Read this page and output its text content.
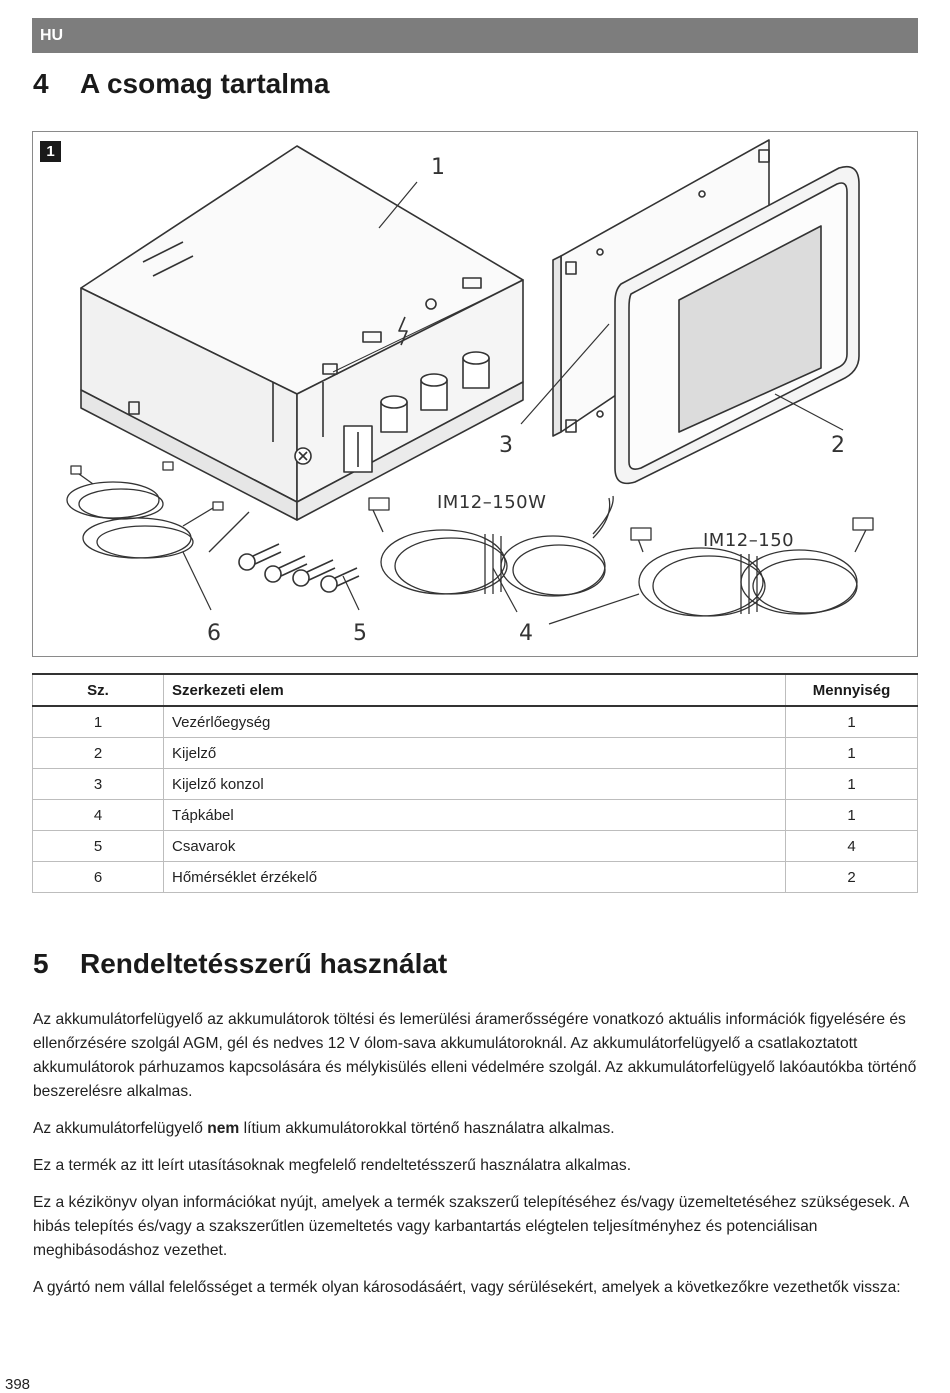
HU
4 A csomag tartalma
1
1
2
3
4
5
6
IM12–150W
IM12–150
Sz.	Szerkezeti elem	Mennyiség
1	Vezérlőegység	1
2	Kijelző	1
3	Kijelző konzol	1
4	Tápkábel	1
5	Csavarok	4
6	Hőmérséklet érzékelő	2
5 Rendeltetésszerű használat

Az akkumulátorfelügyelő az akkumulátorok töltési és lemerülési áramerősségére vonatkozó aktuális információk figyelésére és ellenőrzésére szolgál AGM, gél és nedves 12 V ólom-sava akkumulátoroknál. Az akkumulátorfelügyelő a csatlakoztatott akkumulátorok párhuzamos kapcsolására és mélykisülés elleni védelmére szolgál. Az akkumulátorfelügyelő lakóautókba történő beszerelésre alkalmas.

Az akkumulátorfelügyelő nem lítium akkumulátorokkal történő használatra alkalmas.

Ez a termék az itt leírt utasításoknak megfelelő rendeltetésszerű használatra alkalmas.

Ez a kézikönyv olyan információkat nyújt, amelyek a termék szakszerű telepítéséhez és/vagy üzemeltetéséhez szükségesek. A hibás telepítés és/vagy a szakszerűtlen üzemeltetés vagy karbantartás elégtelen teljesítményhez és potenciálisan meghibásodáshoz vezethet.

A gyártó nem vállal felelősséget a termék olyan károsodásáért, vagy sérülésekért, amelyek a következőkre vezethetők vissza:

398
